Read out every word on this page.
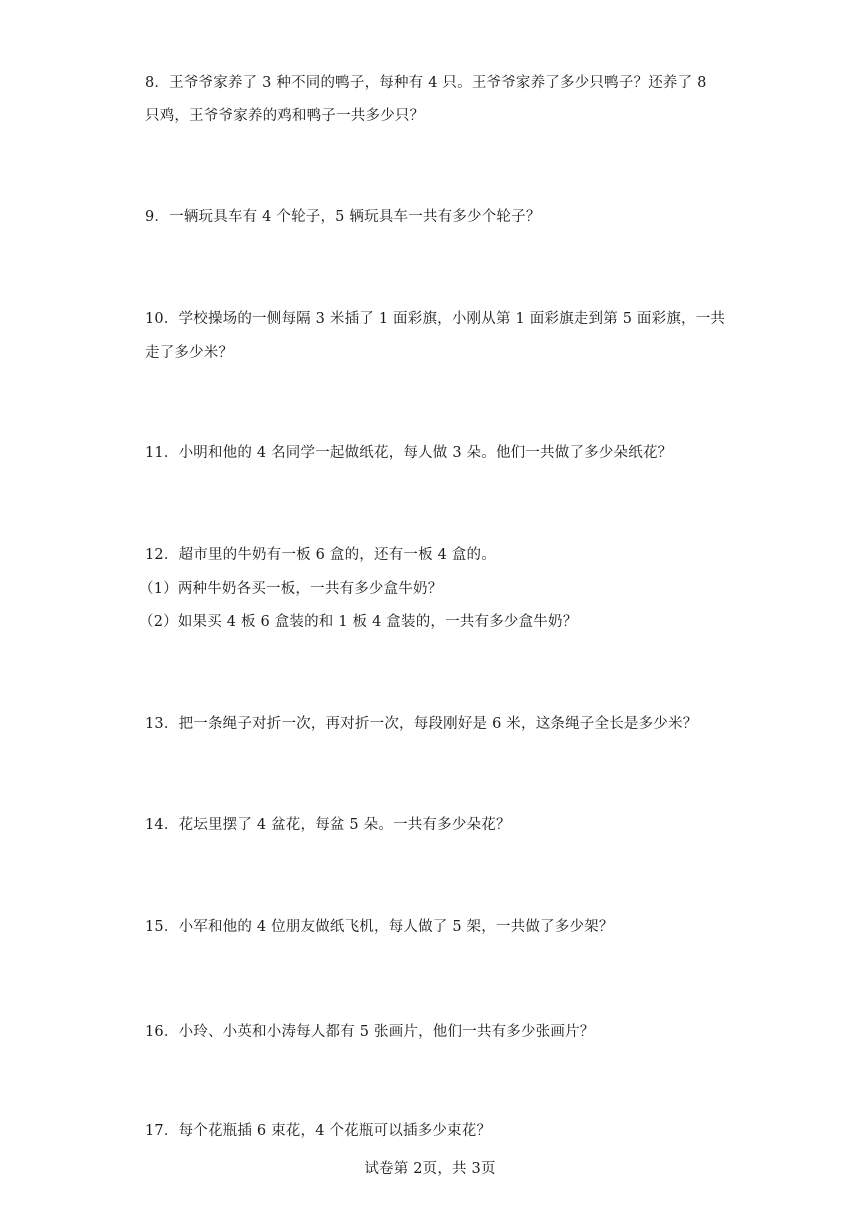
8．王爷爷家养了 3 种不同的鸭子，每种有 4 只。王爷爷家养了多少只鸭子？还养了 8
只鸡，王爷爷家养的鸡和鸭子一共多少只？
9．一辆玩具车有 4 个轮子，5 辆玩具车一共有多少个轮子？
10．学校操场的一侧每隔 3 米插了 1 面彩旗，小刚从第 1 面彩旗走到第 5 面彩旗，一共
走了多少米？
11．小明和他的 4 名同学一起做纸花，每人做 3 朵。他们一共做了多少朵纸花？
12．超市里的牛奶有一板 6 盒的，还有一板 4 盒的。
（1）两种牛奶各买一板，一共有多少盒牛奶？
（2）如果买 4 板 6 盒装的和 1 板 4 盒装的，一共有多少盒牛奶？
13．把一条绳子对折一次，再对折一次，每段刚好是 6 米，这条绳子全长是多少米？
14．花坛里摆了 4 盆花，每盆 5 朵。一共有多少朵花？
15．小军和他的 4 位朋友做纸飞机，每人做了 5 架，一共做了多少架？
16．小玲、小英和小涛每人都有 5 张画片，他们一共有多少张画片？
17．每个花瓶插 6 束花，4 个花瓶可以插多少束花？
试卷第 2页，共 3页
